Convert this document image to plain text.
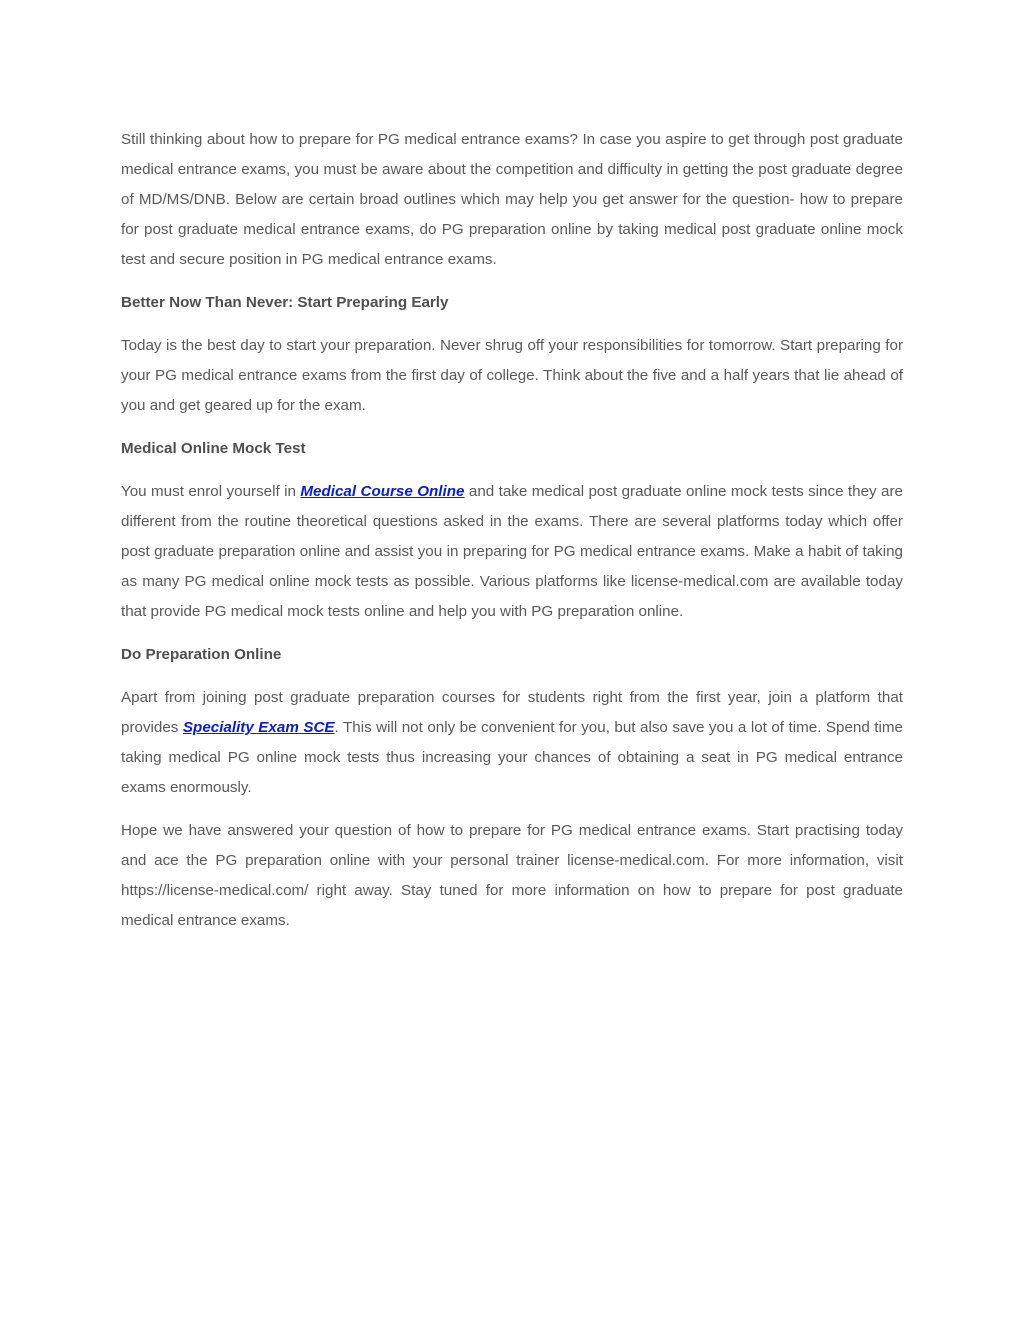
Still thinking about how to prepare for PG medical entrance exams? In case you aspire to get through post graduate medical entrance exams, you must be aware about the competition and difficulty in getting the post graduate degree of MD/MS/DNB. Below are certain broad outlines which may help you get answer for the question- how to prepare for post graduate medical entrance exams, do PG preparation online by taking medical post graduate online mock test and secure position in PG medical entrance exams.

Better Now Than Never: Start Preparing Early

Today is the best day to start your preparation. Never shrug off your responsibilities for tomorrow. Start preparing for your PG medical entrance exams from the first day of college. Think about the five and a half years that lie ahead of you and get geared up for the exam.

Medical Online Mock Test

You must enrol yourself in Medical Course Online and take medical post graduate online mock tests since they are different from the routine theoretical questions asked in the exams. There are several platforms today which offer post graduate preparation online and assist you in preparing for PG medical entrance exams. Make a habit of taking as many PG medical online mock tests as possible. Various platforms like license-medical.com are available today that provide PG medical mock tests online and help you with PG preparation online.

Do Preparation Online

Apart from joining post graduate preparation courses for students right from the first year, join a platform that provides Speciality Exam SCE. This will not only be convenient for you, but also save you a lot of time. Spend time taking medical PG online mock tests thus increasing your chances of obtaining a seat in PG medical entrance exams enormously.

Hope we have answered your question of how to prepare for PG medical entrance exams. Start practising today and ace the PG preparation online with your personal trainer license-medical.com. For more information, visit https://license-medical.com/ right away. Stay tuned for more information on how to prepare for post graduate medical entrance exams.
